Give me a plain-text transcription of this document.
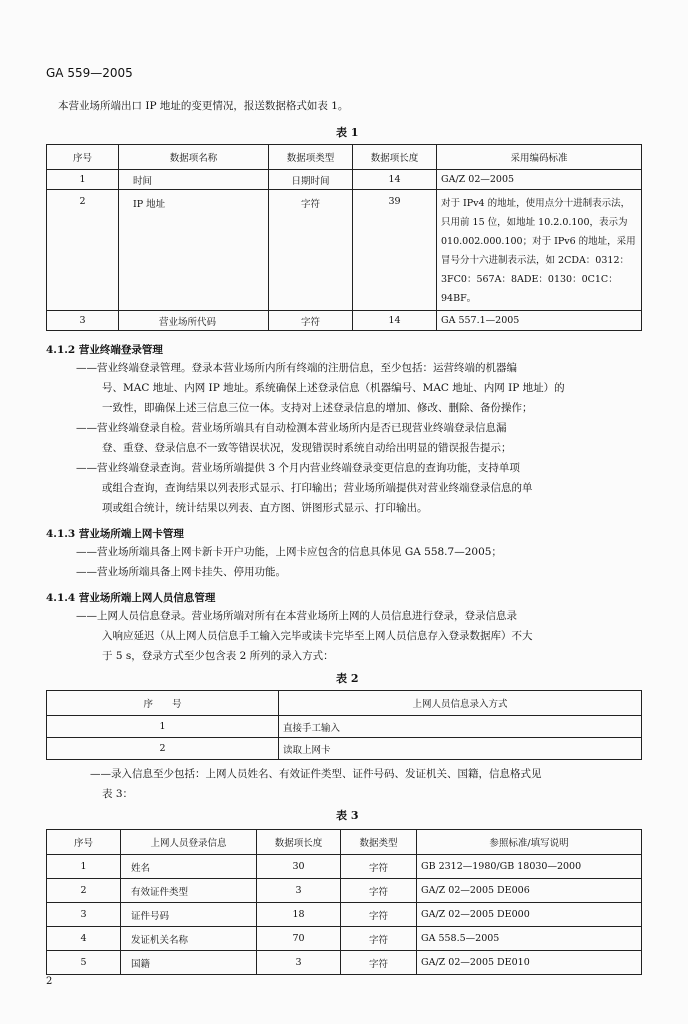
GA 559—2005
本营业场所端出口 IP 地址的变更情况，报送数据格式如表 1。
表 1
序号	数据项名称	数据项类型	数据项长度	采用编码标准
1	时间	日期时间	14	GA/Z 02—2005
2	IP 地址	字符	39	对于 IPv4 的地址，使用点分十进制表示法，只用前 15 位，如地址 10.2.0.100，表示为 010.002.000.100；对于 IPv6 的地址，采用冒号分十六进制表示法，如 2CDA：0312：3FC0：567A：8ADE：0130：0C1C：94BF。
3	营业场所代码	字符	14	GA 557.1—2005
4.1.2 营业终端登录管理
——营业终端登录管理。登录本营业场所内所有终端的注册信息，至少包括：运营终端的机器编
号、MAC 地址、内网 IP 地址。系统确保上述登录信息（机器编号、MAC 地址、内网 IP 地址）的
一致性，即确保上述三信息三位一体。支持对上述登录信息的增加、修改、删除、备份操作；
——营业终端登录自检。营业场所端具有自动检测本营业场所内是否已现营业终端登录信息漏
登、重登、登录信息不一致等错误状况，发现错误时系统自动给出明显的错误报告提示；
——营业终端登录查询。营业场所端提供 3 个月内营业终端登录变更信息的查询功能，支持单项
或组合查询，查询结果以列表形式显示、打印输出；营业场所端提供对营业终端登录信息的单
项或组合统计，统计结果以列表、直方图、饼图形式显示、打印输出。
4.1.3 营业场所端上网卡管理
——营业场所端具备上网卡新卡开户功能，上网卡应包含的信息具体见 GA 558.7—2005；
——营业场所端具备上网卡挂失、停用功能。
4.1.4 营业场所端上网人员信息管理
——上网人员信息登录。营业场所端对所有在本营业场所上网的人员信息进行登录，登录信息录
入响应延迟（从上网人员信息手工输入完毕或读卡完毕至上网人员信息存入登录数据库）不大
于 5 s，登录方式至少包含表 2 所列的录入方式：
表 2
序　　号	上网人员信息录入方式
1	直接手工输入
2	读取上网卡
——录入信息至少包括：上网人员姓名、有效证件类型、证件号码、发证机关、国籍，信息格式见
表 3：
表 3
序号	上网人员登录信息	数据项长度	数据类型	参照标准/填写说明
1	姓名	30	字符	GB 2312—1980/GB 18030—2000
2	有效证件类型	3	字符	GA/Z 02—2005 DE006
3	证件号码	18	字符	GA/Z 02—2005 DE000
4	发证机关名称	70	字符	GA 558.5—2005
5	国籍	3	字符	GA/Z 02—2005 DE010
2
